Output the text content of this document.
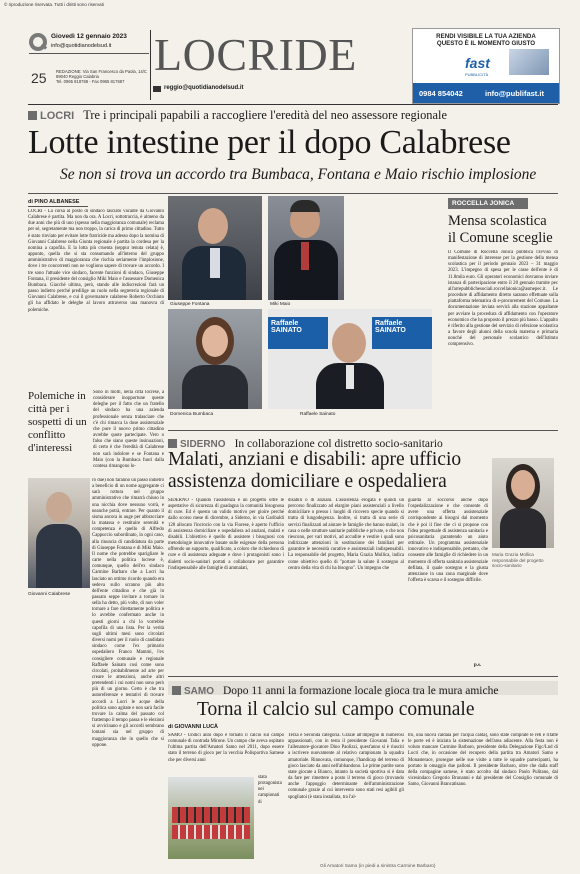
© riproduzione riservata. Tutti i diritti sono riservati
Giovedì 12 gennaio 2023
info@quotidianodelsud.it
25 REDAZIONE: Via San Francesco da Paola, 14/C
89040 Reggio Calabria
Tel. 0965 818768 - Fax 0965 817687
LOCRIDE
reggio@quotidianodelsud.it
RENDI VISIBILE LA TUA AZIENDA
QUESTO È IL MOMENTO GIUSTO
fast
PUBBLICITÀ
0984 854042	info@publifast.it
LOCRI Tre i principali papabili a raccogliere l'eredità del neo assessore regionale
Lotte intestine per il dopo Calabrese
Se non si trova un accordo tra Bumbaca, Fontana e Maio rischio implosione
di PINO ALBANESE

LOCRI - La corsa al posto di sindaco lasciato vacante da Giovanni Calabrese è partita. Ma non da ora. A Locri, sottotraccia, è almeno da due anni che più di uno (spesso nella maggioranza comunale) reclama per sé, segretamente ma non troppo, la carica di primo cittadino. Tutto è stato rinviato per evitare lotte fratricide ma adesso dopo la nomina di Giovanni Calabrese nella Giunta regionale è partita la cordesa per la nomina a capofila. E la lotta più cruenta (seppur tenuta celata) è, appunto, quella che si sta consumando all'interno del gruppo amministrativo di maggioranza che rischia seriamente l'implosione, dove i tre concorrenti non ne vogliono sapere di trovare un accordo. I tre sono l'attuale vice sindaco, facente funzioni di sindaco, Giuseppe Fontana, il presidente del consiglio Miki Maio e l'assessore Domenica Bumbaca. Giacché ultima, però, stando alle indiscrezioni farà un passo indietro perché predilige un ruolo nella segreteria regionale di Giovanni Calabrese, e cui il governatore calabrese Roberto Occhiuto gli ha affidato le deleghe al lavoro attraverso una manovra di polemiche.

Polemiche in città per i sospetti di un conflitto d'interessi

Sono in molti, nella città locrese, a considerare inopportune queste deleghe per il fatto che un fratello del sindaco ha una azienda professionale senza tralasciare che c'è chi rimarca la dose assistenziale che pure il nuovo primo cittadino avrebbe quote partecipate. Vero o falso che siano queste insinuazioni, di certo è che l'eredità di Calabrese non sarà indolore e se Fontana e Maio (con la Bumbaca fuori dalla contesa rimangono lo-

Giovanni Calabrese

ro due) non faranno un passo indietro a beneficio di un nome aggregante ci sarà rottura nel gruppo amministrativo che rimarrà chiuso in una nicchia dove nessuno vorrà, e neanche potrà, entrare. Per quanto il sisma ancora in auge per abbracciare la matassa e restituire serenità e competenza è quello di Alfredo Cappuccio subordinato, in ogni caso, alla rinuncia di candidatura da parte di Giuseppe Fontana e di Miki Maio. Il nome che potrebbe sparigliare le carte nella politica locrese è, comunque, quello dell'ex sindaco Carmine Barbaro che a Locri ha lasciato un ottimo ricordo quando era sedeva sullo scranno più alto dell'ente cittadino e che già in passato seppe invitare a tornare in sella ha detto, più volte, di non voler tornare a fare direttamente politica e lo avrebbe confermato anche in questi giorni a chi lo vorrebbe capofila di una lista. Per la verità sugli ultimi mesi sono circolati diversi nomi per il ruolo di candidato sindaco come l'ex primario ospedaliero Franco Mammi, l'ex consigliere comunale e regionale Raffaele Sainato così come sono circolati, probabilmente ad arte per creare le attenzioni, anche altri pretendenti i cui nomi non sono però più di un giorno. Certo è che tra autoreferenze e tentativi di trovare accordi a Locri le acque della politica sono agitate e non sarà facile trovare la calma del passato col frattempo il tempo passa e le elezioni si avvicinano e gli accordi sembrano lontani sia nel gruppo di maggioranza che in quello che si oppone.

Giuseppe Fontana	Miki Maio
Domenica Bumbaca
Raffaele SAINATO
Raffaele SAINATO
Raffaele Sainato
ROCCELLA JONICA
Mensa scolastica il Comune sceglie

Il Comune di Roccella Jonica pubblica l'avviso di manifestazione di interesse per la gestione della mensa scolastica per il periodo gennaio 2023 – 31 maggio 2023. L'impegno di spesa per le casse dell'ente è di 11.8mila euro. Gli operatori economici dovranno inviare istanza di partecipazione entro il 20 gennaio tramite pec all'arrepubblichesociali.roccellaionica@asmepec.it. Le procedure di affidamento diretto saranno effettuate sulla piattaforma telematica di e-procurement del Comune. La documentazione inviata servirà alla stazione appaltante per avviare la procedura di affidamento con l'operatore economico che ha proposto il prezzo più basso. L'appalto è riferito alla gestione del servizio di refezione scolastica a favore degli alunni della scuola materna e primaria nonché del personale scolastico dell'Istituto comprensivo.

SIDERNO In collaborazione col distretto socio-sanitario
Malati, anziani e disabili: apre ufficio assistenza domiciliare e ospedaliera

SIDERNO - Quando l'assistenza è un progetto oltre le aspettative di sicurezza di guadagna la comunità bisognosa di cure. Ed è questo un valido motivo per gioire perché dallo scorso mese di dicembre, a Siderno, in via Garibaldi 128 allocato l'incrocio con la via Fiorese, è aperto l'ufficio di assistenza domiciliare e ospedaliera ad anziani, malati e disabili. L'obiettivo è quello di assistere i bisognosi con metodologie innovative basate sulle esigenze della persona offrendo un supporto, qualificato, a coloro che richiedono di cure e di assistenza adeguate e dove i protagonisti sono i dialetti socio-sanitari portati a collaborare per garantire l'indispensabile alle famiglie di ammalati,

disabili o di anziani. L'assistenza erogata è quindi un percorso finalizzato ad elargire piani assistenziali a livello domiciliare o presso i luoghi di ricovero specie quando si tratta di lungodegenza. Inoltre, si tratta di una serie di servizi finalizzati ad aiutare le famiglie che hanno malati, in casa o nelle strutture sanitarie pubbliche e private, e che non riescono, per vari motivi, ad accudire e vestire i quali sono indirizzate attenzioni in sostituzione dei familiari per garantire le necessità curative e assistenziali indispensabili. La responsabile del progetto, Maria Grazia Mollica, indica come obiettivo quello di "portare la salute il sostegno al centro della vita di chi ha bisogno". Un impegno che

guarda al soccorso anche dopo l'ospedalizzazione e che consente di avere una offerta assistenziale corrispondente ai bisogni dal momento che è poi il fine che ci si propone con l'idea progettuale di assistenza sanitaria e psicosanitaria garantendo un aiuto ottimale. Un programma assistenziale innovativo e indispensabile, pertanto, che consente alle famiglie di richiedere in un momento di offerta sanitaria assistenziale defilata, il quale sostegno e la giusta attenzione in una zona marginale dove l'offerta è scarsa e il sostegno difficile.

p.s.
Maria Grazia Mollica responsabile del progetto socio-sanitario
SAMO Dopo 11 anni la formazione locale gioca tra le mura amiche
Torna il calcio sul campo comunale
di GIOVANNI LUCÀ

SAMO - Undici anni dopo è tornato il calcio sul campo comunale di contrada Mirone. Un campo che aveva ospitato l'ultima partita dell'Amatori Samo nel 2011, dopo essere stato il terreno di gioco per la vecchia Polisportiva Samese che per diversi anni

stata protagonista nei campionati di

Terza e Seconda categoria. Grazie all'impegno di numerosi appassionati, con in testa il presidente Giovanni Talia e l'allenatore-giocatore Dino Paolizzi, quest'anno si è riusciti a iscrivere nuovamente al relativo campionato la squadra amatoriale. Rinnovata, comunque, l'handicap del terreno di gioco lasciato da anni nell'abbandono. Le prime partite sono state giocate a Bianco, intanto la società sportiva si è data da fare per rimettere a posto il terreno di gioco (trovando anche l'appoggio determinante dell'amministrazione comunale grazie al cui intervento sono stati resi agibili gli spogliatoi (è stata installata, tra l'al-

tro, una nuova caldaia per l'acqua calda), sono state comprate le reti e rifatte le porte ed è iniziata la sistemazione dell'area adiacente. Alla festa non è voluto mancare Carmine Barbaro, presidente della Delegazione Figc/Lnd di Locri che, in occasione del recupero della partita tra Amatori Samo e Monasterace, prosegue nelle sue visite a tutte le squadre partecipanti, ha portato in omaggio due palloni. Il presidente Barbaro, oltre che dalla staff della compagine samese, è stato accolto dal sindaco Paolo Pulitano, dal vicesindaco Gregorio Brunanni e dal presidente del Consiglio comunale di Samo, Giovanni Brancatisano.

Gli Amatori Samo (in piedi a sinistra Carmine Barbaro)
